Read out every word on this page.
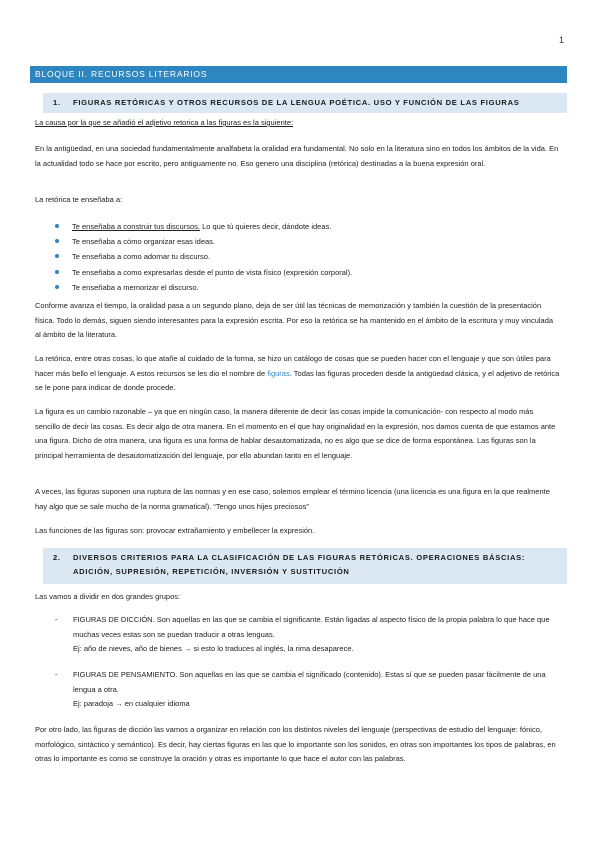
1
BLOQUE II. RECURSOS LITERARIOS
1. FIGURAS RETÓRICAS Y OTROS RECURSOS DE LA LENGUA POÉTICA. USO Y FUNCIÓN DE LAS FIGURAS
La causa por la que se añadió el adjetivo retorica a las figuras es la siguiente:
En la antigüedad, en una sociedad fundamentalmente analfabeta la oralidad era fundamental. No solo en la literatura sino en todos los ámbitos de la vida. En la actualidad todo se hace por escrito, pero antiguamente no. Eso genero una disciplina (retórica) destinadas a la buena expresión oral.
La retórica te enseñaba a:
Te enseñaba a construir tus discursos. Lo que tú quieres decir, dándote ideas.
Te enseñaba a cómo organizar esas ideas.
Te enseñaba a como adornar tu discurso.
Te enseñaba a como expresarlas desde el punto de vista físico (expresión corporal).
Te enseñaba a memorizar el discurso.
Conforme avanza el tiempo, la oralidad pasa a un segundo plano, deja de ser útil las técnicas de memorización y también la cuestión de la presentación física. Todo lo demás, siguen siendo interesantes para la expresión escrita. Por eso la retórica se ha mantenido en el ámbito de la escritura y muy vinculada al ámbito de la literatura.
La retórica, entre otras cosas, lo que atañe al cuidado de la forma, se hizo un catálogo de cosas que se pueden hacer con el lenguaje y que son útiles para hacer más bello el lenguaje. A estos recursos se les dio el nombre de figuras. Todas las figuras proceden desde la antigüedad clásica, y el adjetivo de retórica se le pone para indicar de donde procede.
La figura es un cambio razonable – ya que en ningún caso, la manera diferente de decir las cosas impide la comunicación- con respecto al modo más sencillo de decir las cosas. Es decir algo de otra manera. En el momento en el que hay originalidad en la expresión, nos damos cuenta de que estamos ante una figura. Dicho de otra manera, una figura es una forma de hablar desautomatizada, no es algo que se dice de forma espontánea. Las figuras son la principal herramienta de desautomatización del lenguaje, por ello abundan tanto en el lenguaje.
A veces, las figuras suponen una ruptura de las normas y en ese caso, solemos emplear el término licencia (una licencia es una figura en la que realmente hay algo que se sale mucho de la norma gramatical). “Tengo unos hijes preciosos”
Las funciones de las figuras son: provocar extrañamiento y embellecer la expresión.
2. DIVERSOS CRITERIOS PARA LA CLASIFICACIÓN DE LAS FIGURAS RETÓRICAS. OPERACIONES BÁSCIAS:
ADICIÓN, SUPRESIÓN, REPETICIÓN, INVERSIÓN Y SUSTITUCIÓN
Las vamos a dividir en dos grandes grupos:
- FIGURAS DE DICCIÓN. Son aquellas en las que se cambia el significante. Están ligadas al aspecto físico de la propia palabra lo que hace que muchas veces estas son se puedan traducir a otras lenguas.
Ej: año de nieves, año de bienes → si esto lo traduces al inglés, la rima desaparece.
- FIGURAS DE PENSAMIENTO. Son aquellas en las que se cambia el significado (contenido). Estas sí que se pueden pasar fácilmente de una lengua a otra.
Ej: paradoja → en cualquier idioma
Por otro lado, las figuras de dicción las vamos a organizar en relación con los distintos niveles del lenguaje (perspectivas de estudio del lenguaje: fónico, morfológico, sintáctico y semántico). Es decir, hay ciertas figuras en las que lo importante son los sonidos, en otras son importantes los tipos de palabras, en otras lo importante es como se construye la oración y otras es importante lo que hace el autor con las palabras.
